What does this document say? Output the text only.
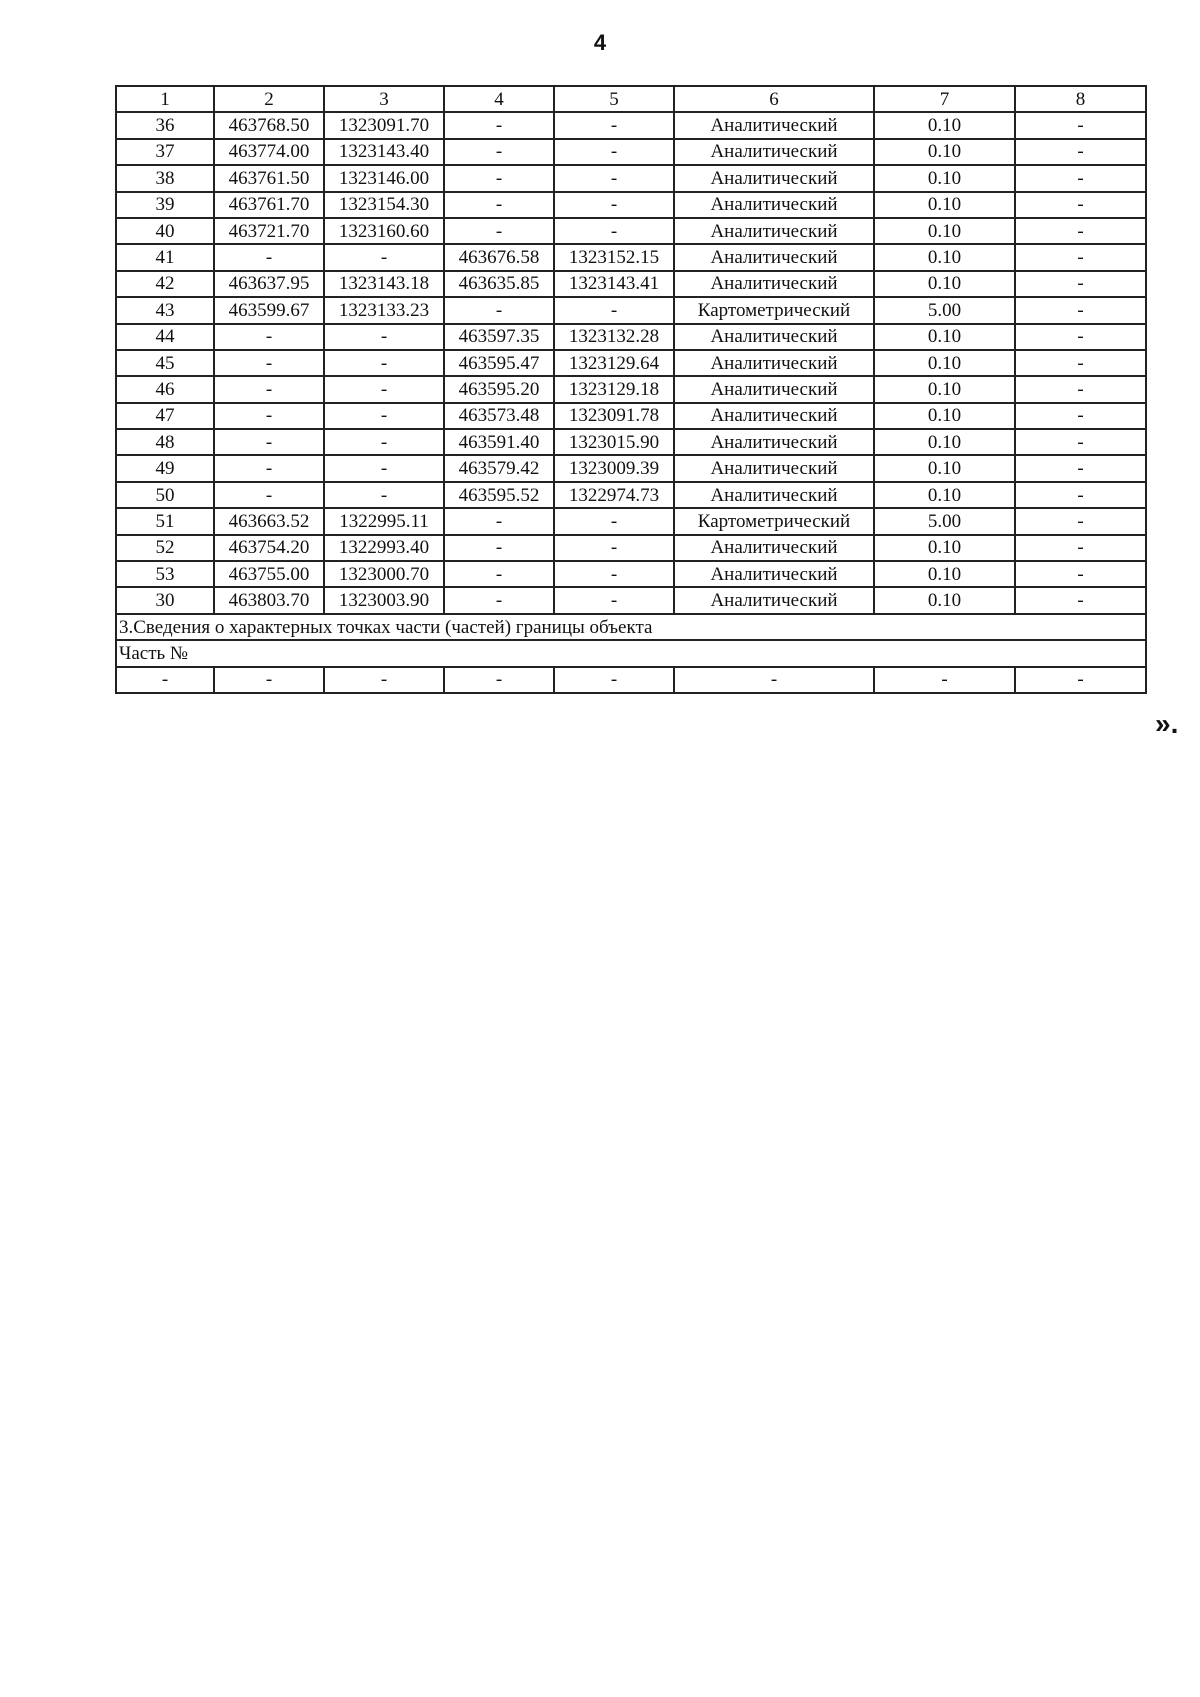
4
1	2	3	4	5	6	7	8
36	463768.50	1323091.70	-	-	Аналитический	0.10	-
37	463774.00	1323143.40	-	-	Аналитический	0.10	-
38	463761.50	1323146.00	-	-	Аналитический	0.10	-
39	463761.70	1323154.30	-	-	Аналитический	0.10	-
40	463721.70	1323160.60	-	-	Аналитический	0.10	-
41	-	-	463676.58	1323152.15	Аналитический	0.10	-
42	463637.95	1323143.18	463635.85	1323143.41	Аналитический	0.10	-
43	463599.67	1323133.23	-	-	Картометрический	5.00	-
44	-	-	463597.35	1323132.28	Аналитический	0.10	-
45	-	-	463595.47	1323129.64	Аналитический	0.10	-
46	-	-	463595.20	1323129.18	Аналитический	0.10	-
47	-	-	463573.48	1323091.78	Аналитический	0.10	-
48	-	-	463591.40	1323015.90	Аналитический	0.10	-
49	-	-	463579.42	1323009.39	Аналитический	0.10	-
50	-	-	463595.52	1322974.73	Аналитический	0.10	-
51	463663.52	1322995.11	-	-	Картометрический	5.00	-
52	463754.20	1322993.40	-	-	Аналитический	0.10	-
53	463755.00	1323000.70	-	-	Аналитический	0.10	-
30	463803.70	1323003.90	-	-	Аналитический	0.10	-
3.Сведения о характерных точках части (частей) границы объекта							
Часть №							
-	-	-	-	-	-	-	-
».
